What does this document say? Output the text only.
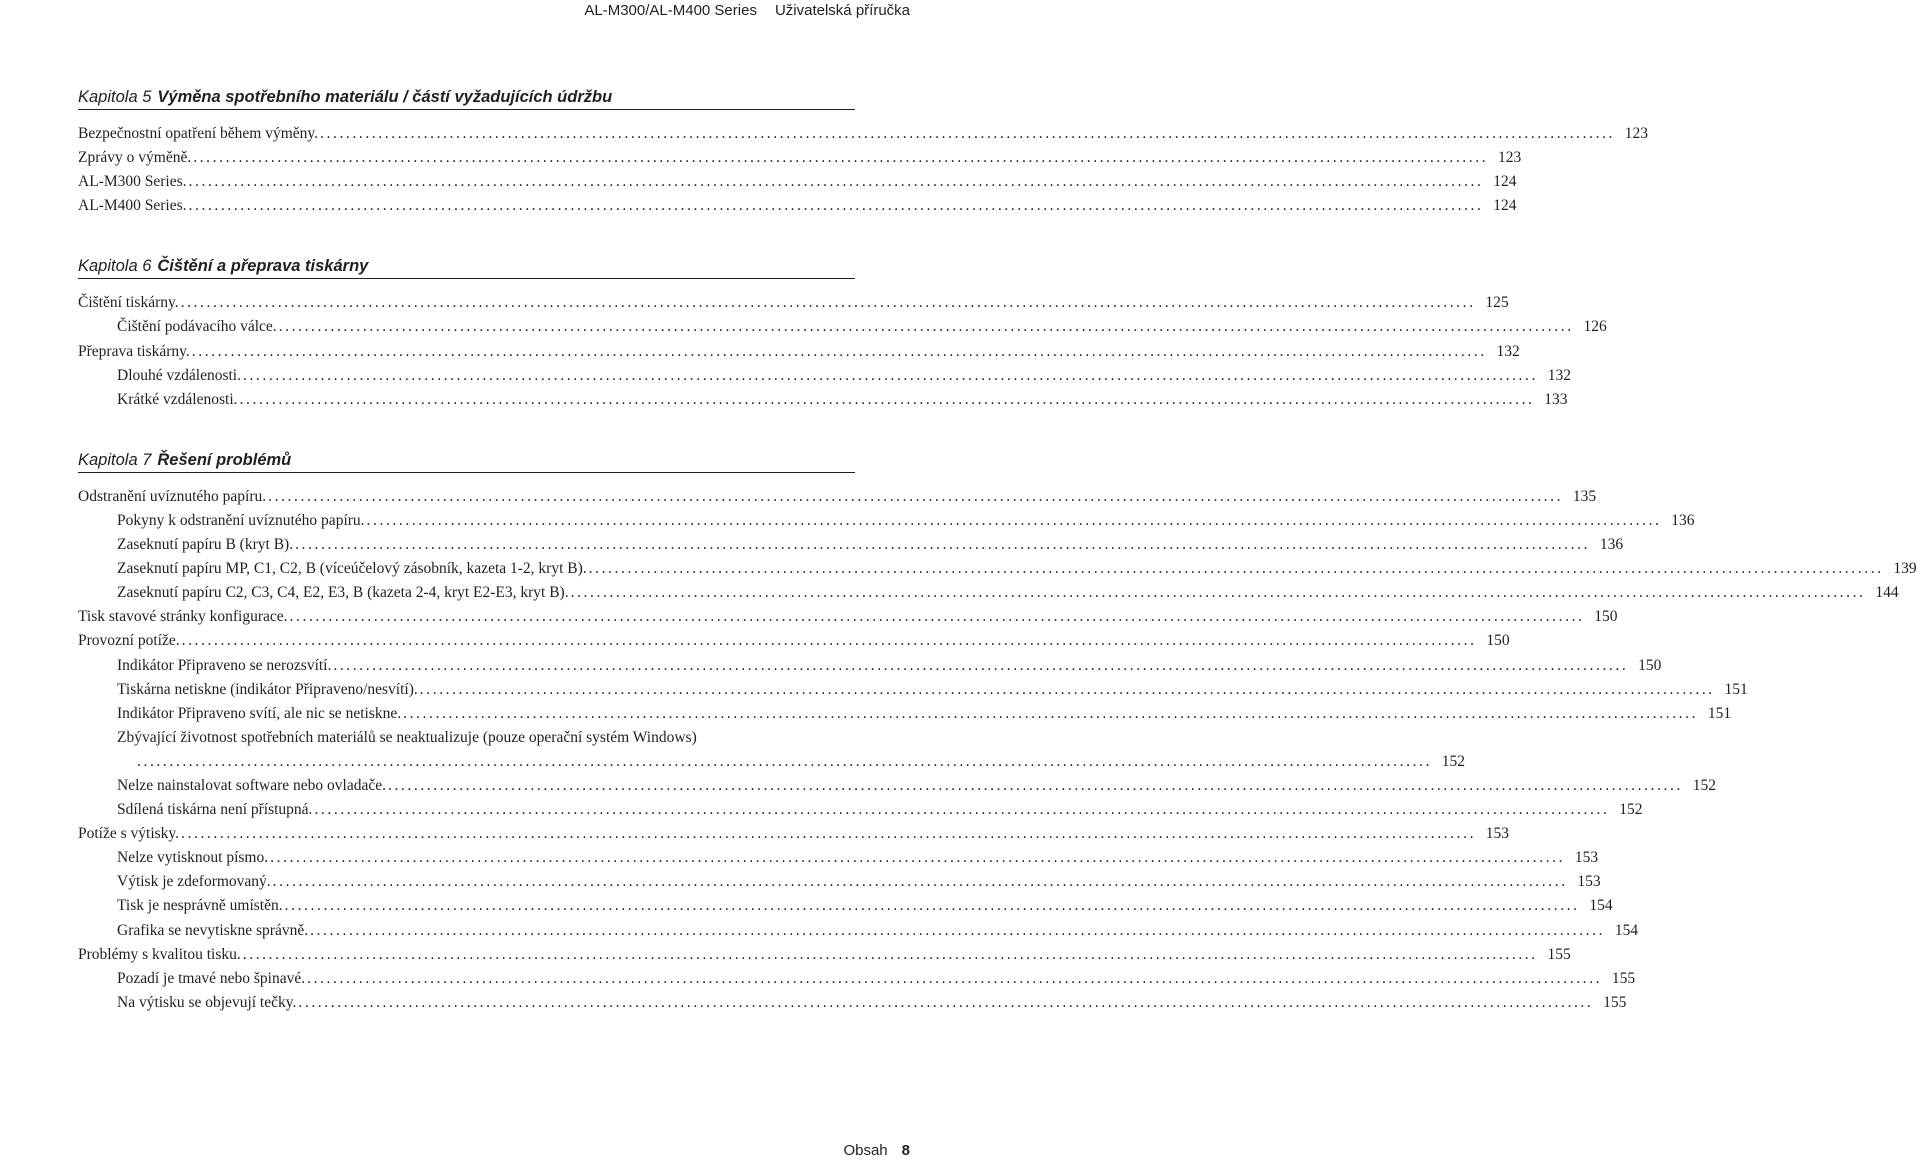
AL-M300/AL-M400 Series Uživatelská příručka
Kapitola 5 Výměna spotřebního materiálu / částí vyžadujících údržbu
Bezpečnostní opatření během výměny. ........................................................................................................................................................................................................ 123
Zprávy o výměně. ........................................................................................................................................................................................................ 123
AL-M300 Series. ........................................................................................................................................................................................................ 124
AL-M400 Series. ........................................................................................................................................................................................................ 124
Kapitola 6 Čištění a přeprava tiskárny
Čištění tiskárny. ........................................................................................................................................................................................................ 125
Čištění podávacího válce. ........................................................................................................................................................................................................ 126
Přeprava tiskárny. ........................................................................................................................................................................................................ 132
Dlouhé vzdálenosti. ........................................................................................................................................................................................................ 132
Krátké vzdálenosti. ........................................................................................................................................................................................................ 133
Kapitola 7 Řešení problémů
Odstranění uvíznutého papíru. ........................................................................................................................................................................................................ 135
Pokyny k odstranění uvíznutého papíru. ........................................................................................................................................................................................................ 136
Zaseknutí papíru B (kryt B). ........................................................................................................................................................................................................ 136
Zaseknutí papíru MP, C1, C2, B (víceúčelový zásobník, kazeta 1-2, kryt B). ........................................................................................................................................................................................................ 139
Zaseknutí papíru C2, C3, C4, E2, E3, B (kazeta 2-4, kryt E2-E3, kryt B). ........................................................................................................................................................................................................ 144
Tisk stavové stránky konfigurace. ........................................................................................................................................................................................................ 150
Provozní potíže. ........................................................................................................................................................................................................ 150
Indikátor Připraveno se nerozsvítí. ........................................................................................................................................................................................................ 150
Tiskárna netiskne (indikátor Připraveno/nesvítí). ........................................................................................................................................................................................................ 151
Indikátor Připraveno svítí, ale nic se netiskne. ........................................................................................................................................................................................................ 151
Zbývající životnost spotřebních materiálů se neaktualizuje (pouze operační systém Windows)
........................................................................................................................................................................................................ 152
Nelze nainstalovat software nebo ovladače. ........................................................................................................................................................................................................ 152
Sdílená tiskárna není přístupná. ........................................................................................................................................................................................................ 152
Potíže s výtisky. ........................................................................................................................................................................................................ 153
Nelze vytisknout písmo. ........................................................................................................................................................................................................ 153
Výtisk je zdeformovaný. ........................................................................................................................................................................................................ 153
Tisk je nesprávně umístěn. ........................................................................................................................................................................................................ 154
Grafika se nevytiskne správně. ........................................................................................................................................................................................................ 154
Problémy s kvalitou tisku. ........................................................................................................................................................................................................ 155
Pozadí je tmavé nebo špinavé. ........................................................................................................................................................................................................ 155
Na výtisku se objevují tečky. ........................................................................................................................................................................................................ 155
Obsah 8
